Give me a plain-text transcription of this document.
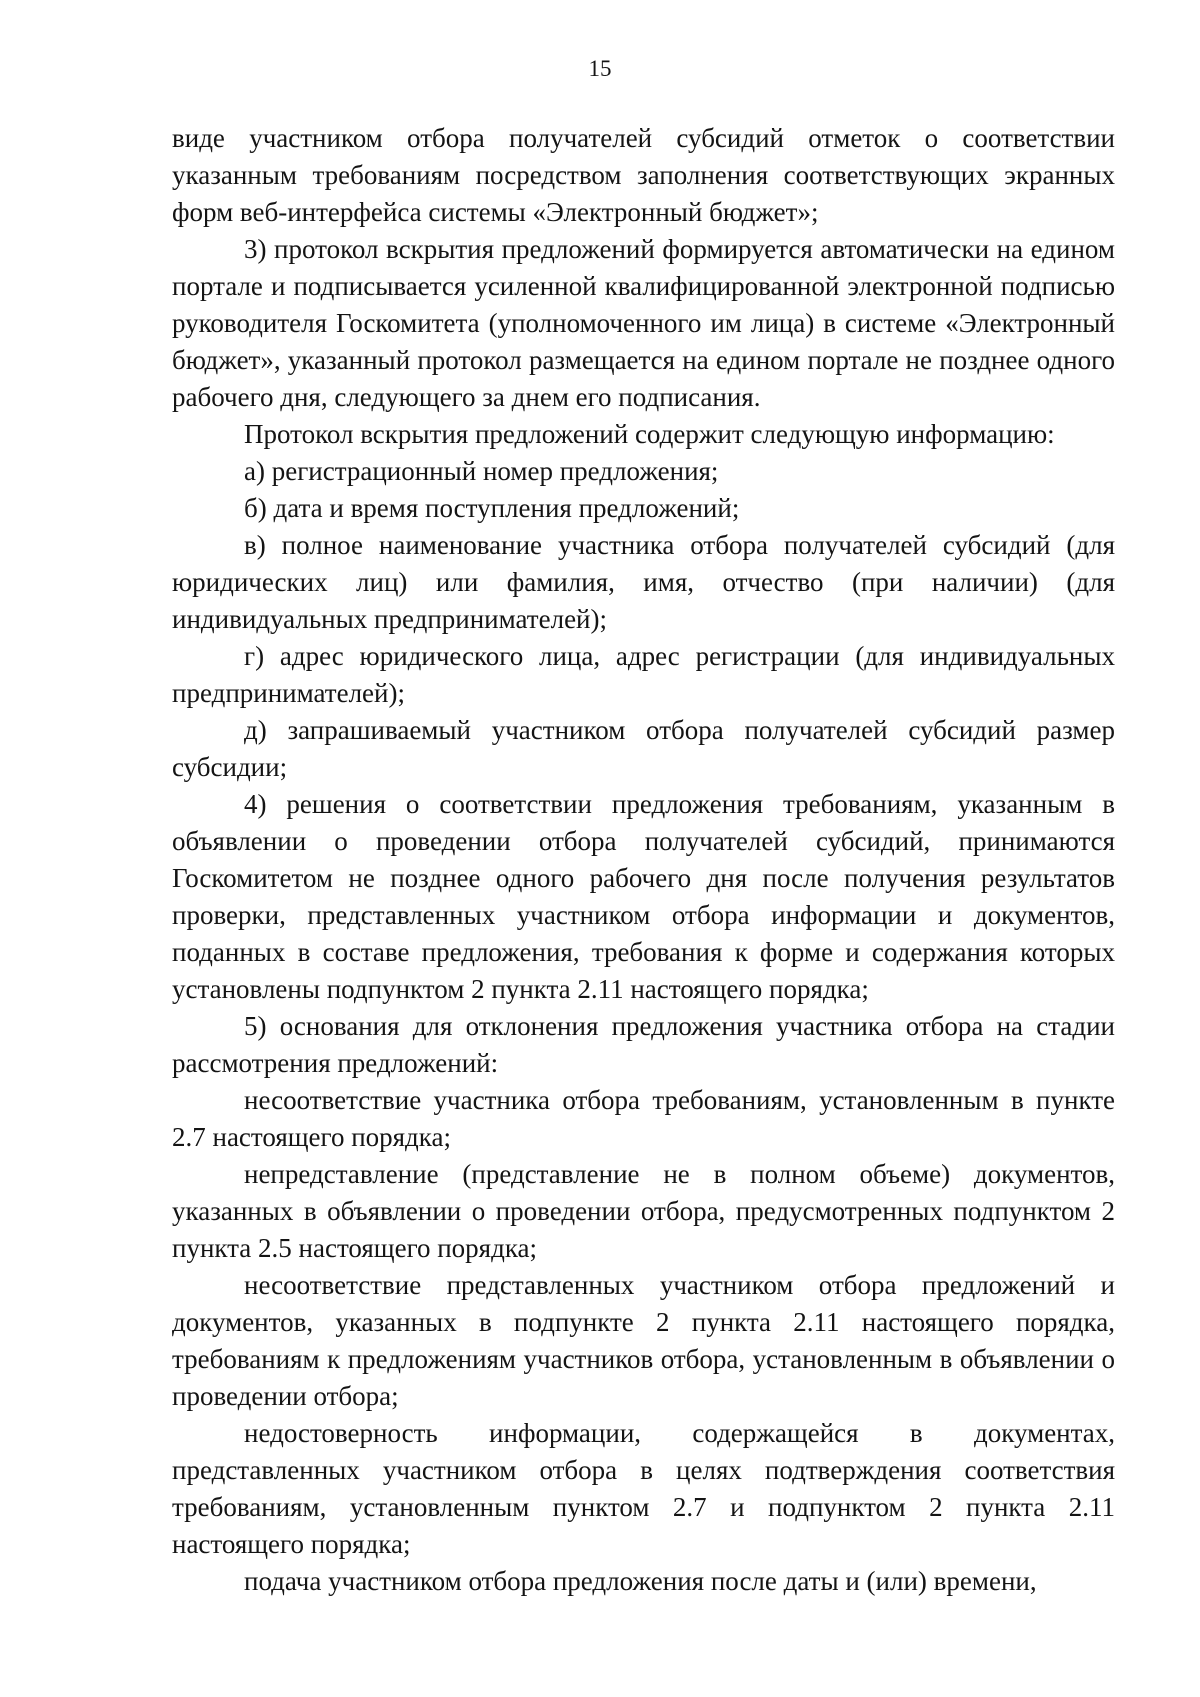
15

виде участником отбора получателей субсидий отметок о соответствии указанным требованиям посредством заполнения соответствующих экранных форм веб-интерфейса системы «Электронный бюджет»;

3) протокол вскрытия предложений формируется автоматически на едином портале и подписывается усиленной квалифицированной электронной подписью руководителя Госкомитета (уполномоченного им лица) в системе «Электронный бюджет», указанный протокол размещается на едином портале не позднее одного рабочего дня, следующего за днем его подписания.

Протокол вскрытия предложений содержит следующую информацию:

а) регистрационный номер предложения;

б) дата и время поступления предложений;

в) полное наименование участника отбора получателей субсидий (для юридических лиц) или фамилия, имя, отчество (при наличии) (для индивидуальных предпринимателей);

г) адрес юридического лица, адрес регистрации (для индивидуальных предпринимателей);

д) запрашиваемый участником отбора получателей субсидий размер субсидии;

4) решения о соответствии предложения требованиям, указанным в объявлении о проведении отбора получателей субсидий, принимаются Госкомитетом не позднее одного рабочего дня после получения результатов проверки, представленных участником отбора информации и документов, поданных в составе предложения, требования к форме и содержания которых установлены подпунктом 2 пункта 2.11 настоящего порядка;

5) основания для отклонения предложения участника отбора на стадии рассмотрения предложений:

несоответствие участника отбора требованиям, установленным в пункте 2.7 настоящего порядка;

непредставление (представление не в полном объеме) документов, указанных в объявлении о проведении отбора, предусмотренных подпунктом 2 пункта 2.5 настоящего порядка;

несоответствие представленных участником отбора предложений и документов, указанных в подпункте 2 пункта 2.11 настоящего порядка, требованиям к предложениям участников отбора, установленным в объявлении о проведении отбора;

недостоверность информации, содержащейся в документах, представленных участником отбора в целях подтверждения соответствия требованиям, установленным пунктом 2.7 и подпунктом 2 пункта 2.11 настоящего порядка;

подача участником отбора предложения после даты и (или) времени,
